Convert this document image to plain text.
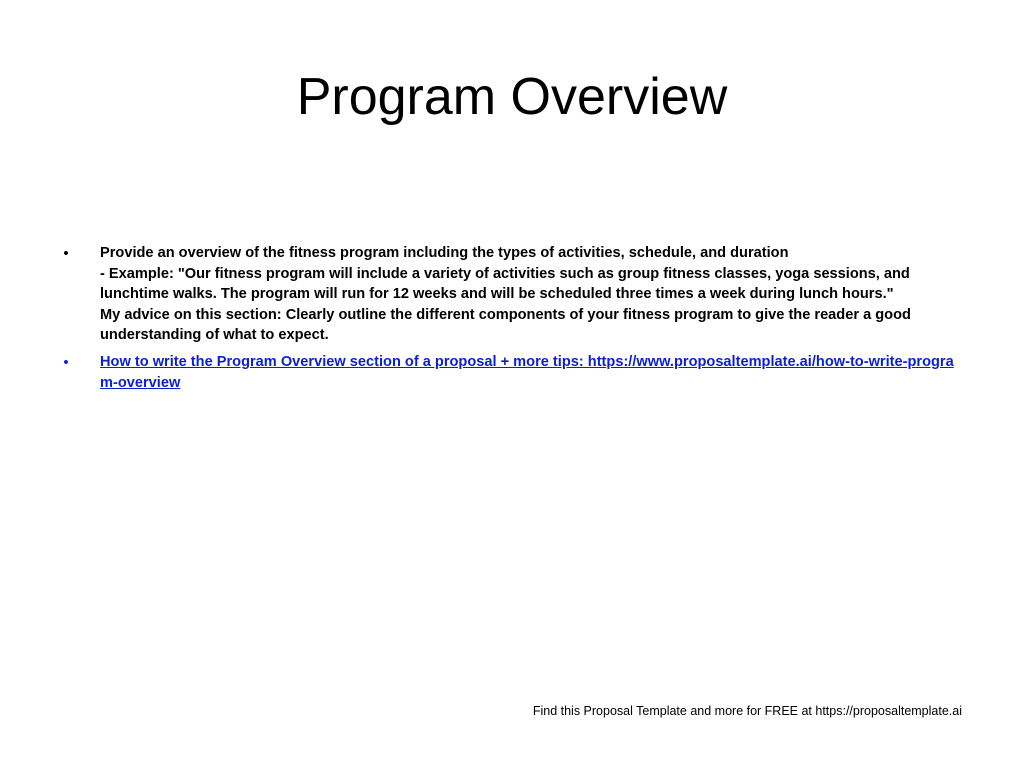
Program Overview
•	Provide an overview of the fitness program including the types of activities, schedule, and duration
- Example: "Our fitness program will include a variety of activities such as group fitness classes, yoga sessions, and lunchtime walks. The program will run for 12 weeks and will be scheduled three times a week during lunch hours."
My advice on this section: Clearly outline the different components of your fitness program to give the reader a good understanding of what to expect.
•	How to write the Program Overview section of a proposal + more tips: https://www.proposaltemplate.ai/how-to-write-program-overview
Find this Proposal Template and more for FREE at https://proposaltemplate.ai
